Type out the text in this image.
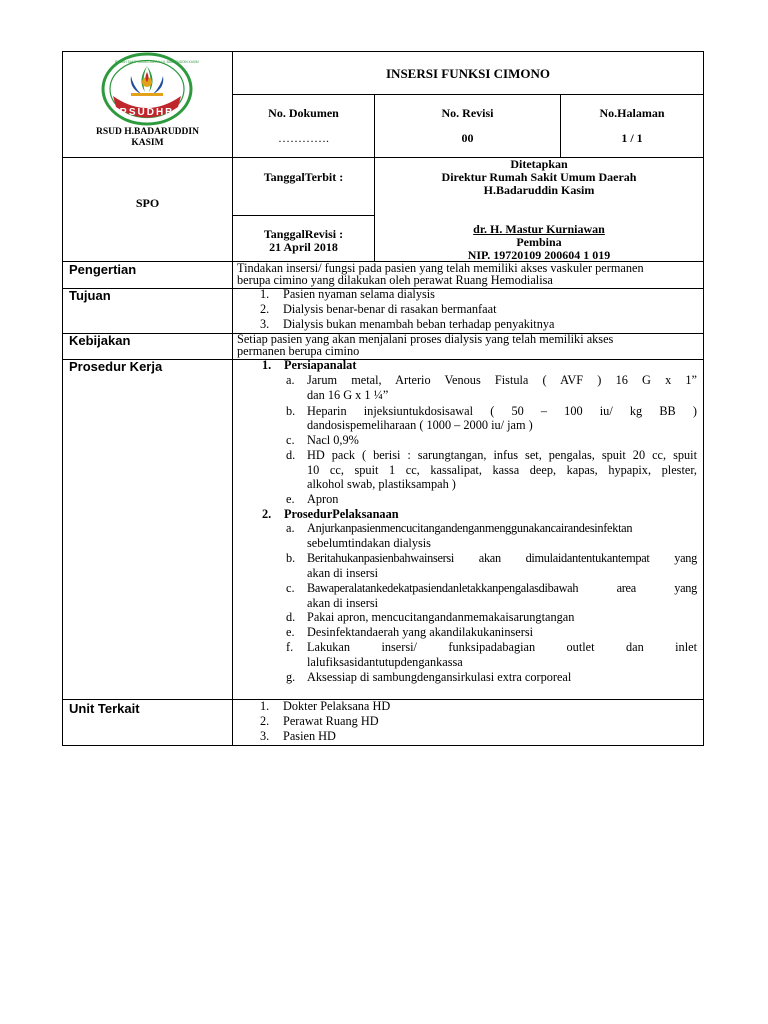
RUMAH SAKIT UMUM DAERAH H. BADARUDDIN KASIM
RSUDHB
RSUD H.BADARUDDIN
KASIM
INSERSI FUNKSI CIMONO
No. Dokumen
………….
No. Revisi
00
No.Halaman
1 / 1
SPO
TanggalTerbit :
TanggalRevisi :
21 April 2018
Ditetapkan
Direktur Rumah Sakit Umum Daerah
H.Badaruddin Kasim
dr. H. Mastur Kurniawan
Pembina
NIP. 19720109 200604 1 019
Pengertian	Tindakan insersi/ fungsi pada pasien yang telah memiliki akses vaskuler permanen
berupa cimino yang dilakukan oleh perawat Ruang Hemodialisa
Tujuan	1. Pasien nyaman selama dialysis
2. Dialysis benar-benar di rasakan bermanfaat
3. Dialysis bukan menambah beban terhadap penyakitnya
Kebijakan	Setiap pasien yang akan menjalani proses dialysis yang telah memiliki akses
permanen berupa cimino
Prosedur Kerja	1. Persiapanalat
a. Jarum metal, Arterio Venous Fistula ( AVF ) 16 G x 1”
dan 16 G x 1 ¼”
b. Heparin injeksiuntukdosisawal ( 50 – 100 iu/ kg BB )
dandosispemeliharaan ( 1000 – 2000 iu/ jam )
c. Nacl 0,9%
d. HD pack ( berisi : sarungtangan, infus set, pengalas, spuit 20 cc, spuit
10 cc, spuit 1 cc, kassalipat, kassa deep, kapas, hypapix, plester,
alkohol swab, plastiksampah )
e. Apron
2. ProsedurPelaksanaan
a. Anjurkanpasienmencucitangandenganmenggunakancairandesinfektan
sebelumtindakan dialysis
b. Beritahukanpasienbahwainsersi akan dimulaidantentukantempat yang
akan di insersi
c. Bawaperalatankedekatpasiendanletakkanpengalasdibawah area yang
akan di insersi
d. Pakai apron, mencucitangandanmemakaisarungtangan
e. Desinfektandaerah yang akandilakukaninsersi
f. Lakukan insersi/ funksipadabagian outlet dan inlet
lalufiksasidantutupdengankassa
g. Aksessiap di sambungdengansirkulasi extra corporeal
Unit Terkait	1. Dokter Pelaksana HD
2. Perawat Ruang HD
3. Pasien HD
